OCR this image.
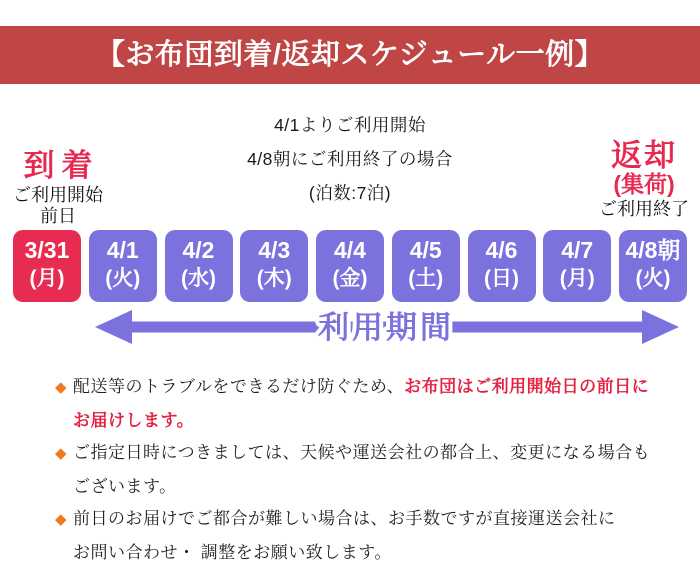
【お布団到着/返却スケジュール一例】
4/1よりご利用開始
4/8朝にご利用終了の場合
(泊数:7泊)
到着
ご利用開始
前日
返却
(集荷)
ご利用終了
3/31
(月)
4/1
(火)
4/2
(水)
4/3
(木)
4/4
(金)
4/5
(土)
4/6
(日)
4/7
(月)
4/8朝
(火)
利用期間
◆ 配送等のトラブルをできるだけ防ぐため、お布団はご利用開始日の前日に
お届けします。
◆ ご指定日時につきましては、天候や運送会社の都合上、変更になる場合も
ございます。
◆ 前日のお届けでご都合が難しい場合は、お手数ですが直接運送会社に
お問い合わせ・ 調整をお願い致します。
